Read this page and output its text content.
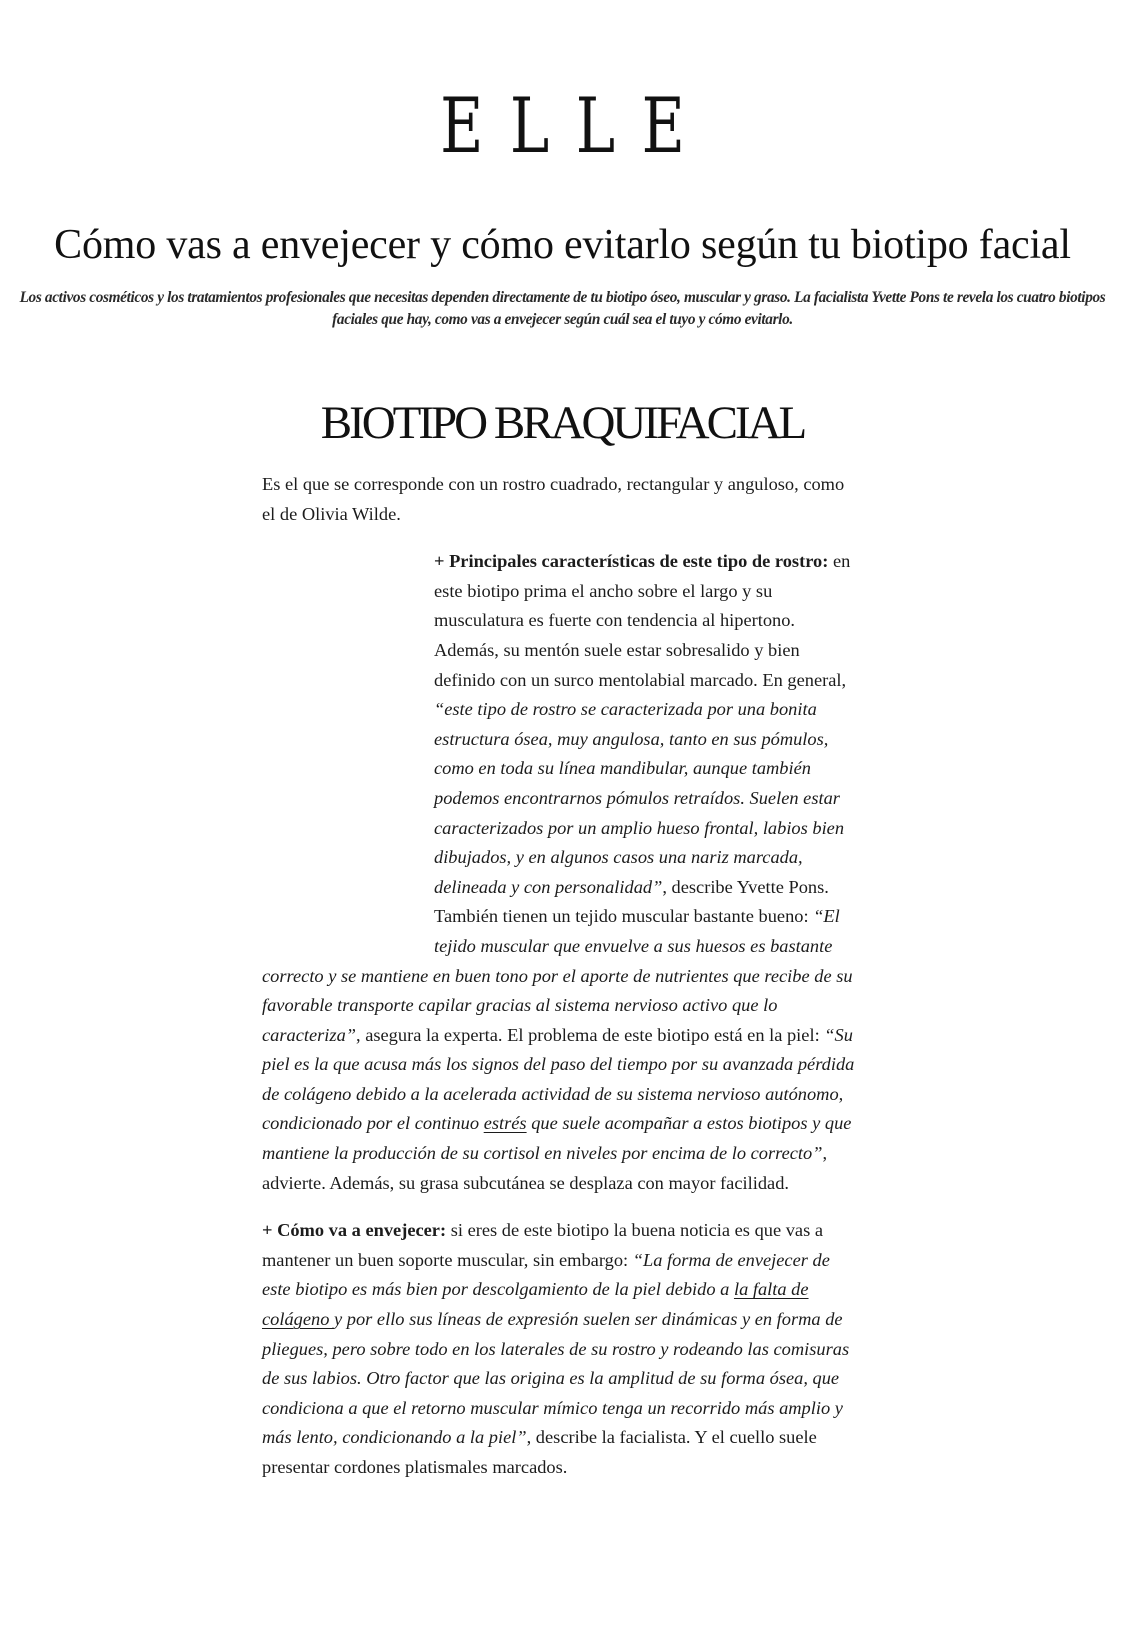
ELLE
Cómo vas a envejecer y cómo evitarlo según tu biotipo facial

Los activos cosméticos y los tratamientos profesionales que necesitas dependen directamente de tu biotipo óseo, muscular y graso. La facialista Yvette Pons te revela los cuatro biotipos faciales que hay, como vas a envejecer según cuál sea el tuyo y cómo evitarlo.

BIOTIPO BRAQUIFACIAL

Es el que se corresponde con un rostro cuadrado, rectangular y anguloso, como el de Olivia Wilde.

+ Principales características de este tipo de rostro: en este biotipo prima el ancho sobre el largo y su musculatura es fuerte con tendencia al hipertono. Además, su mentón suele estar sobresalido y bien definido con un surco mentolabial marcado. En general, “este tipo de rostro se caracterizada por una bonita estructura ósea, muy angulosa, tanto en sus pómulos, como en toda su línea mandibular, aunque también podemos encontrarnos pómulos retraídos. Suelen estar caracterizados por un amplio hueso frontal, labios bien dibujados, y en algunos casos una nariz marcada, delineada y con personalidad”, describe Yvette Pons. También tienen un tejido muscular bastante bueno: “El tejido muscular que envuelve a sus huesos es bastante correcto y se mantiene en buen tono por el aporte de nutrientes que recibe de su favorable transporte capilar gracias al sistema nervioso activo que lo caracteriza”, asegura la experta. El problema de este biotipo está en la piel: “Su piel es la que acusa más los signos del paso del tiempo por su avanzada pérdida de colágeno debido a la acelerada actividad de su sistema nervioso autónomo, condicionado por el continuo estrés que suele acompañar a estos biotipos y que mantiene la producción de su cortisol en niveles por encima de lo correcto”, advierte. Además, su grasa subcutánea se desplaza con mayor facilidad.

+ Cómo va a envejecer: si eres de este biotipo la buena noticia es que vas a mantener un buen soporte muscular, sin embargo: “La forma de envejecer de este biotipo es más bien por descolgamiento de la piel debido a la falta de colágeno y por ello sus líneas de expresión suelen ser dinámicas y en forma de pliegues, pero sobre todo en los laterales de su rostro y rodeando las comisuras de sus labios. Otro factor que las origina es la amplitud de su forma ósea, que condiciona a que el retorno muscular mímico tenga un recorrido más amplio y más lento, condicionando a la piel”, describe la facialista. Y el cuello suele presentar cordones platismales marcados.
